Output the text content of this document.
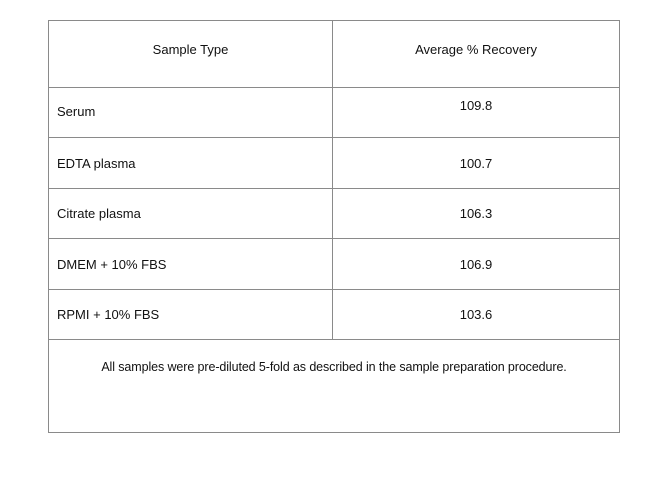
Sample Type	Average % Recovery
Serum	109.8
EDTA plasma	100.7
Citrate plasma	106.3
DMEM + 10% FBS	106.9
RPMI + 10% FBS	103.6
All samples were pre-diluted 5-fold as described in the sample preparation procedure.	
